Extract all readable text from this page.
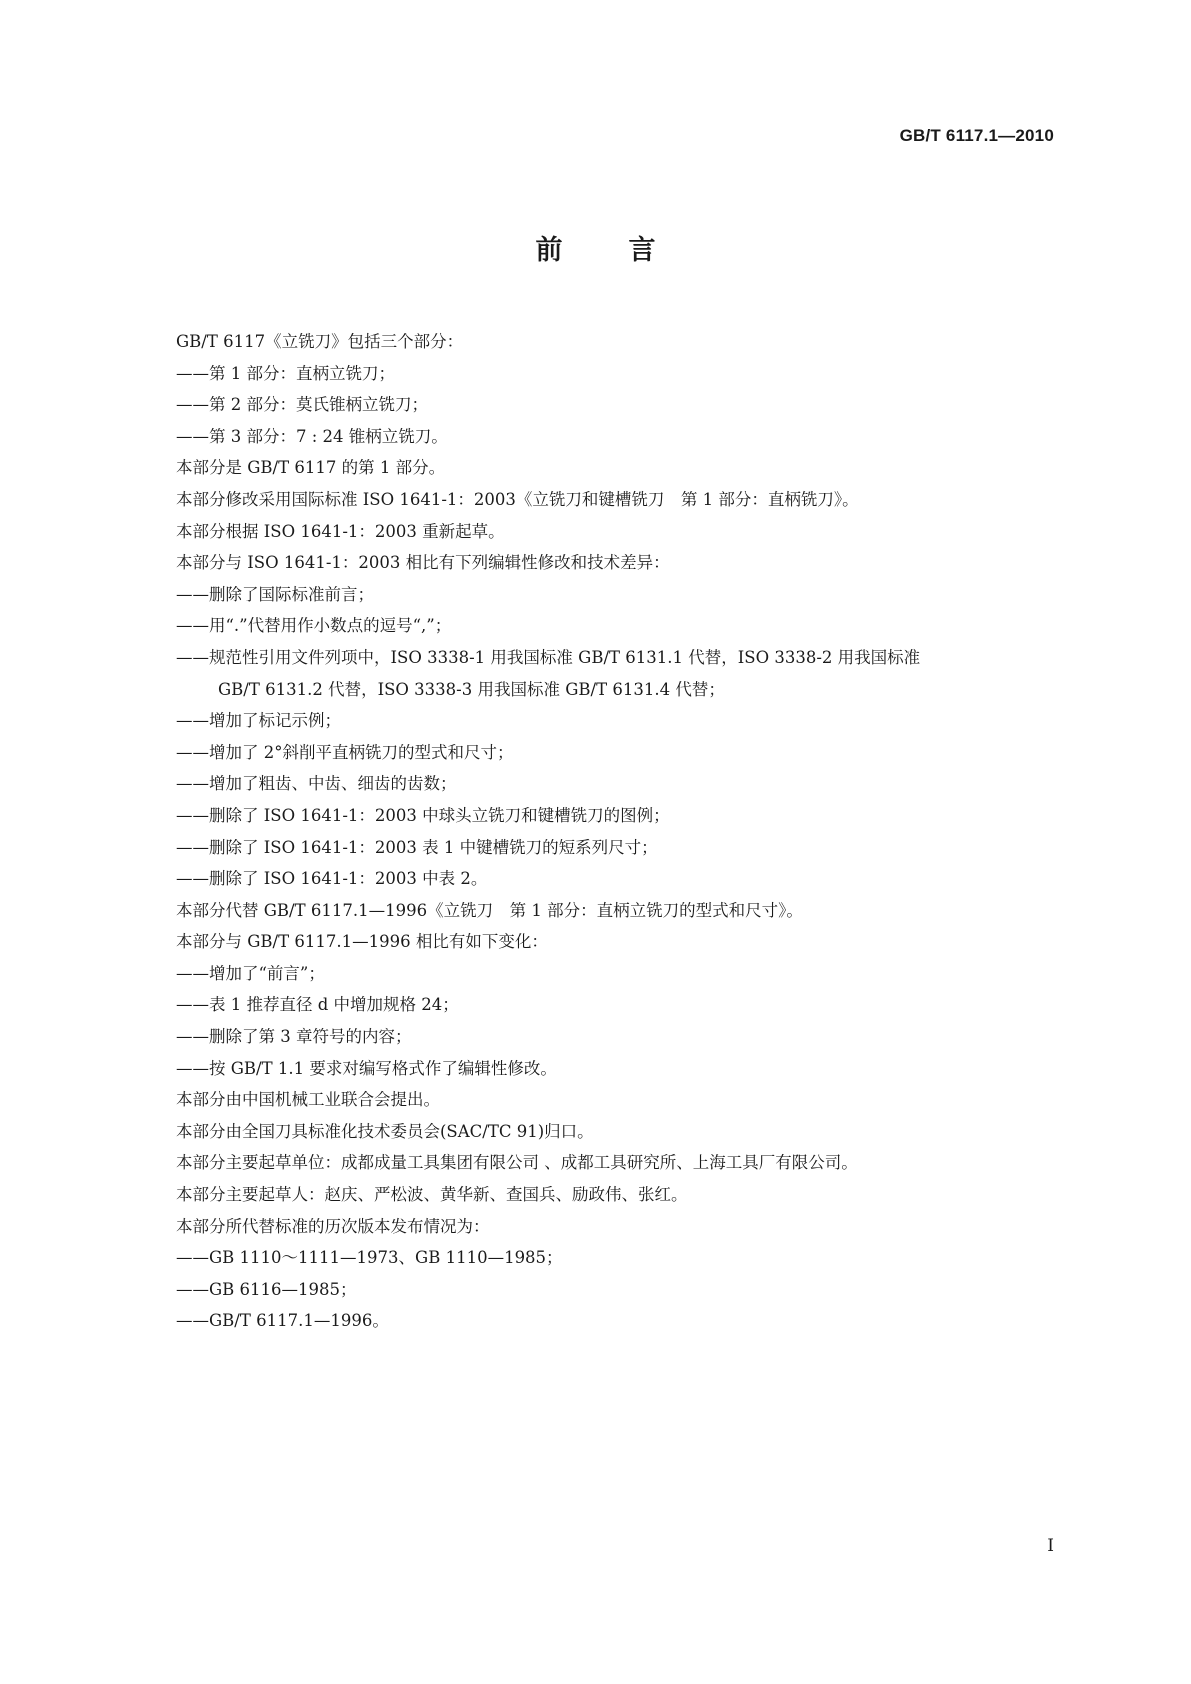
GB/T 6117.1—2010
前言
GB/T 6117《立铣刀》包括三个部分：
——第 1 部分：直柄立铣刀；
——第 2 部分：莫氏锥柄立铣刀；
——第 3 部分：7 : 24 锥柄立铣刀。
本部分是 GB/T 6117 的第 1 部分。
本部分修改采用国际标准 ISO 1641-1：2003《立铣刀和键槽铣刀　第 1 部分：直柄铣刀》。
本部分根据 ISO 1641-1：2003 重新起草。
本部分与 ISO 1641-1：2003 相比有下列编辑性修改和技术差异：
——删除了国际标准前言；
——用“.”代替用作小数点的逗号“,”；
——规范性引用文件列项中，ISO 3338-1 用我国标准 GB/T 6131.1 代替，ISO 3338-2 用我国标准
GB/T 6131.2 代替，ISO 3338-3 用我国标准 GB/T 6131.4 代替；
——增加了标记示例；
——增加了 2°斜削平直柄铣刀的型式和尺寸；
——增加了粗齿、中齿、细齿的齿数；
——删除了 ISO 1641-1：2003 中球头立铣刀和键槽铣刀的图例；
——删除了 ISO 1641-1：2003 表 1 中键槽铣刀的短系列尺寸；
——删除了 ISO 1641-1：2003 中表 2。
本部分代替 GB/T 6117.1—1996《立铣刀　第 1 部分：直柄立铣刀的型式和尺寸》。
本部分与 GB/T 6117.1—1996 相比有如下变化：
——增加了“前言”；
——表 1 推荐直径 d 中增加规格 24；
——删除了第 3 章符号的内容；
——按 GB/T 1.1 要求对编写格式作了编辑性修改。
本部分由中国机械工业联合会提出。
本部分由全国刀具标准化技术委员会(SAC/TC 91)归口。
本部分主要起草单位：成都成量工具集团有限公司 、成都工具研究所、上海工具厂有限公司。
本部分主要起草人：赵庆、严松波、黄华新、查国兵、励政伟、张红。
本部分所代替标准的历次版本发布情况为：
——GB 1110～1111—1973、GB 1110—1985；
——GB 6116—1985；
——GB/T 6117.1—1996。
I
